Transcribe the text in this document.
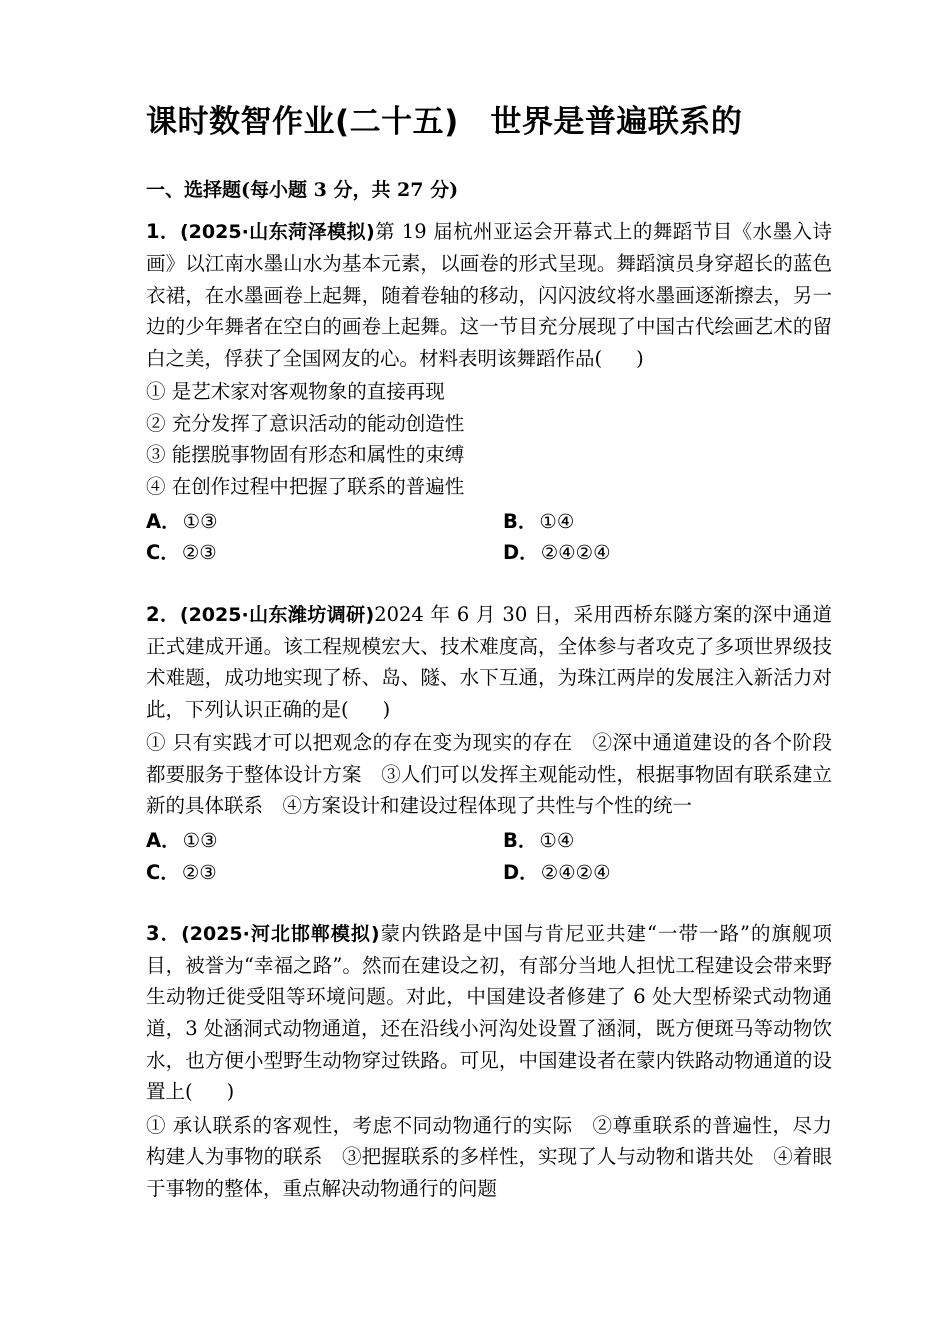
课时数智作业(二十五)　世界是普遍联系的
一、选择题(每小题 3 分，共 27 分)

1．(2025·山东菏泽模拟)第 19 届杭州亚运会开幕式上的舞蹈节目《水墨入诗画》以江南水墨山水为基本元素，以画卷的形式呈现。舞蹈演员身穿超长的蓝色衣裙，在水墨画卷上起舞，随着卷轴的移动，闪闪波纹将水墨画逐渐擦去，另一边的少年舞者在空白的画卷上起舞。这一节目充分展现了中国古代绘画艺术的留白之美，俘获了全国网友的心。材料表明该舞蹈作品( )

① 是艺术家对客观物象的直接再现

② 充分发挥了意识活动的能动创造性

③ 能摆脱事物固有形态和属性的束缚

④ 在创作过程中把握了联系的普遍性

A． ①③	B． ①④
C． ②③	D． ②④②④

2．(2025·山东潍坊调研)2024 年 6 月 30 日，采用西桥东隧方案的深中通道正式建成开通。该工程规模宏大、技术难度高，全体参与者攻克了多项世界级技术难题，成功地实现了桥、岛、隧、水下互通，为珠江两岸的发展注入新活力对此，下列认识正确的是( )

① 只有实践才可以把观念的存在变为现实的存在　②深中通道建设的各个阶段都要服务于整体设计方案　③人们可以发挥主观能动性，根据事物固有联系建立新的具体联系　④方案设计和建设过程体现了共性与个性的统一

A． ①③	B． ①④
C． ②③	D． ②④②④

3．(2025·河北邯郸模拟)蒙内铁路是中国与肯尼亚共建“一带一路”的旗舰项目，被誉为“幸福之路”。然而在建设之初，有部分当地人担忧工程建设会带来野生动物迁徙受阻等环境问题。对此，中国建设者修建了 6 处大型桥梁式动物通道，3 处涵洞式动物通道，还在沿线小河沟处设置了涵洞，既方便斑马等动物饮水，也方便小型野生动物穿过铁路。可见，中国建设者在蒙内铁路动物通道的设置上( )

① 承认联系的客观性，考虑不同动物通行的实际　②尊重联系的普遍性，尽力构建人为事物的联系　③把握联系的多样性，实现了人与动物和谐共处　④着眼于事物的整体，重点解决动物通行的问题
